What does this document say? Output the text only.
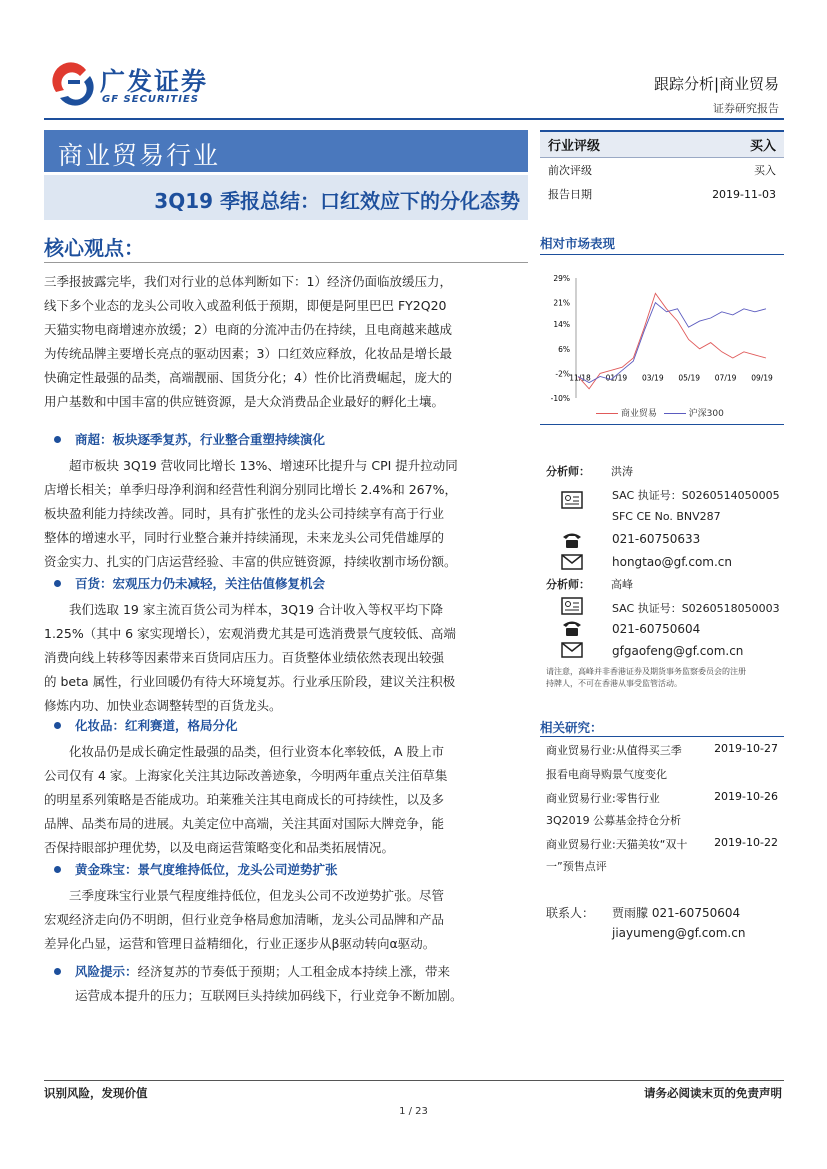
广发证券
GF SECURITIES
跟踪分析|商业贸易
证券研究报告
商业贸易行业
3Q19 季报总结：口红效应下的分化态势
行业评级	买入
前次评级	买入
报告日期	2019-11-03
核心观点：
三季报披露完毕，我们对行业的总体判断如下：1）经济仍面临放缓压力，
线下多个业态的龙头公司收入或盈利低于预期，即便是阿里巴巴 FY2Q20
天猫实物电商增速亦放缓；2）电商的分流冲击仍在持续，且电商越来越成
为传统品牌主要增长亮点的驱动因素；3）口红效应释放，化妆品是增长最
快确定性最强的品类，高端靓丽、国货分化；4）性价比消费崛起，庞大的
用户基数和中国丰富的供应链资源，是大众消费品企业最好的孵化土壤。
商超：板块逐季复苏，行业整合重塑持续演化
超市板块 3Q19 营收同比增长 13%、增速环比提升与 CPI 提升拉动同
店增长相关；单季归母净利润和经营性利润分别同比增长 2.4%和 267%，
板块盈利能力持续改善。同时，具有扩张性的龙头公司持续享有高于行业
整体的增速水平，同时行业整合兼并持续涌现，未来龙头公司凭借雄厚的
资金实力、扎实的门店运营经验、丰富的供应链资源，持续收割市场份额。
百货：宏观压力仍未减轻，关注估值修复机会
我们选取 19 家主流百货公司为样本，3Q19 合计收入等权平均下降
1.25%（其中 6 家实现增长），宏观消费尤其是可选消费景气度较低、高端
消费向线上转移等因素带来百货同店压力。百货整体业绩依然表现出较强
的 beta 属性，行业回暖仍有待大环境复苏。行业承压阶段，建议关注积极
修炼内功、加快业态调整转型的百货龙头。
化妆品：红利赛道，格局分化
化妆品仍是成长确定性最强的品类，但行业资本化率较低，A 股上市
公司仅有 4 家。上海家化关注其边际改善迹象，今明两年重点关注佰草集
的明星系列策略是否能成功。珀莱雅关注其电商成长的可持续性，以及多
品牌、品类布局的进展。丸美定位中高端，关注其面对国际大牌竞争，能
否保持眼部护理优势，以及电商运营策略变化和品类拓展情况。
黄金珠宝：景气度维持低位，龙头公司逆势扩张
三季度珠宝行业景气程度维持低位，但龙头公司不改逆势扩张。尽管
宏观经济走向仍不明朗，但行业竞争格局愈加清晰，龙头公司品牌和产品
差异化凸显，运营和管理日益精细化，行业正逐步从β驱动转向α驱动。
风险提示：经济复苏的节奏低于预期；人工租金成本持续上涨，带来
运营成本提升的压力；互联网巨头持续加码线下，行业竞争不断加剧。
相对市场表现
29%
21%
14%
6%
-2%
-10%
11/18 01/19 03/19 05/19 07/19 09/19
商业贸易	沪深300
分析师： 洪涛
SAC 执证号：S0260514050005
SFC CE No. BNV287
021-60750633
hongtao@gf.com.cn
分析师： 高峰
SAC 执证号：S0260518050003
021-60750604
gfgaofeng@gf.com.cn
请注意，高峰并非香港证券及期货事务监察委员会的注册
持牌人，不可在香港从事受监管活动。
相关研究：
商业贸易行业:从值得买三季	2019-10-27
报看电商导购景气度变化
商业贸易行业:零售行业	2019-10-26
3Q2019 公募基金持仓分析
商业贸易行业:天猫美妆“双十 2019-10-22
一”预售点评
联系人： 贾雨朦 021-60750604
jiayumeng@gf.com.cn
识别风险，发现价值	请务必阅读末页的免责声明
1 / 23
